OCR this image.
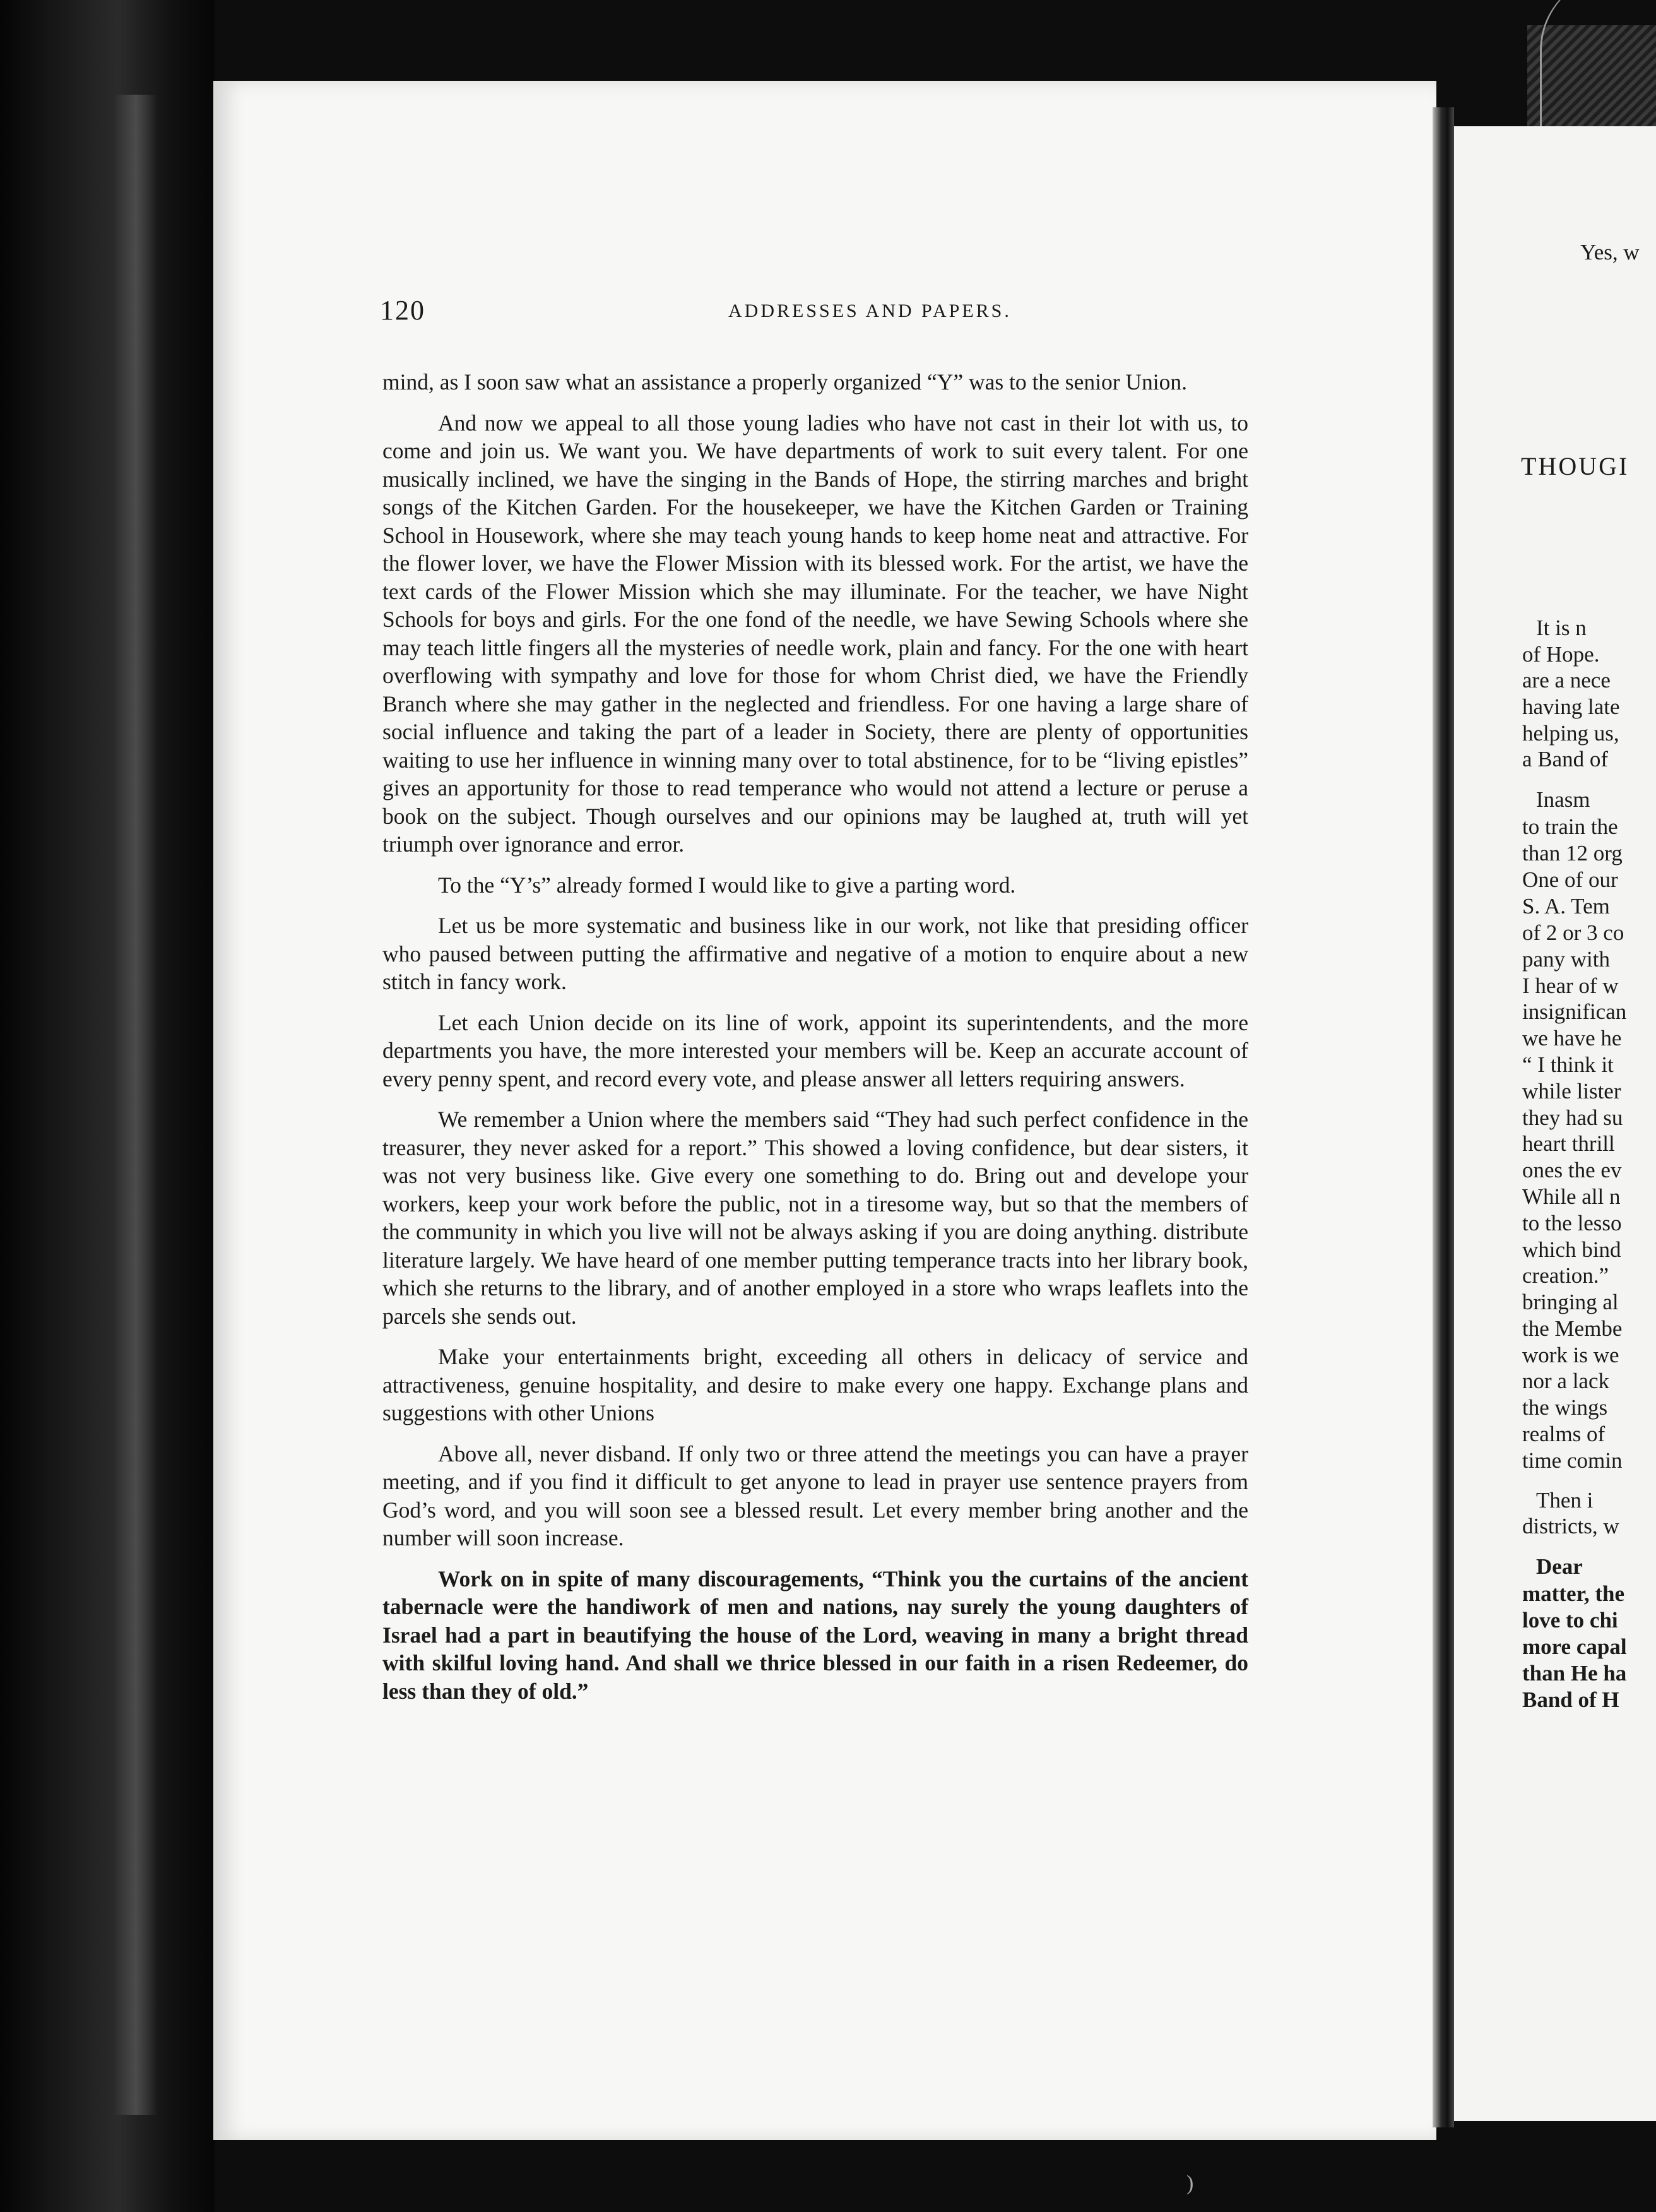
120	ADDRESSES AND PAPERS.

mind, as I soon saw what an assistance a properly organized “Y” was to the senior Union.

And now we appeal to all those young ladies who have not cast in their lot with us, to come and join us. We want you. We have departments of work to suit every talent. For one musically inclined, we have the singing in the Bands of Hope, the stirring marches and bright songs of the Kitchen Garden. For the housekeeper, we have the Kitchen Garden or Training School in Housework, where she may teach young hands to keep home neat and attractive. For the flower lover, we have the Flower Mission with its blessed work. For the artist, we have the text cards of the Flower Mission which she may illuminate. For the teacher, we have Night Schools for boys and girls. For the one fond of the needle, we have Sewing Schools where she may teach little fingers all the mysteries of needle work, plain and fancy. For the one with heart overflowing with sympathy and love for those for whom Christ died, we have the Friendly Branch where she may gather in the neglected and friendless. For one having a large share of social influence and taking the part of a leader in Society, there are plenty of opportunities waiting to use her influence in winning many over to total abstinence, for to be “living epistles” gives an apportunity for those to read temperance who would not attend a lecture or peruse a book on the subject. Though ourselves and our opinions may be laughed at, truth will yet triumph over ignorance and error.

To the “Y’s” already formed I would like to give a parting word.

Let us be more systematic and business like in our work, not like that presiding officer who paused between putting the affirmative and negative of a motion to enquire about a new stitch in fancy work.

Let each Union decide on its line of work, appoint its superintendents, and the more departments you have, the more interested your members will be. Keep an accurate account of every penny spent, and record every vote, and please answer all letters requiring answers.

We remember a Union where the members said “They had such perfect confidence in the treasurer, they never asked for a report.” This showed a loving confidence, but dear sisters, it was not very business like. Give every one something to do. Bring out and develope your workers, keep your work before the public, not in a tiresome way, but so that the members of the community in which you live will not be always asking if you are doing anything. distribute literature largely. We have heard of one member putting temperance tracts into her library book, which she returns to the library, and of another employed in a store who wraps leaflets into the parcels she sends out.

Make your entertainments bright, exceeding all others in delicacy of service and attractiveness, genuine hospitality, and desire to make every one happy. Exchange plans and suggestions with other Unions

Above all, never disband. If only two or three attend the meetings you can have a prayer meeting, and if you find it difficult to get anyone to lead in prayer use sentence prayers from God’s word, and you will soon see a blessed result. Let every member bring another and the number will soon increase.

Work on in spite of many discouragements, “Think you the curtains of the ancient tabernacle were the handiwork of men and nations, nay surely the young daughters of Israel had a part in beautifying the house of the Lord, weaving in many a bright thread with skilful loving hand. And shall we thrice blessed in our faith in a risen Redeemer, do less than they of old.”

Yes, w
THOUGI
It is n
of Hope.
are a nece
having late
helping us,
a Band of
Inasm
to train the
than 12 org
One of our
S. A. Tem
of 2 or 3 co
pany with
I hear of w
insignifican
we have he
“ I think it
while lister
they had su
heart thrill
ones the ev
While all n
to the lesso
which bind
creation.”
bringing al
the Membe
work is we
nor a lack
the wings
realms of
time comin
Then i
districts, w
Dear
matter, the
love to chi
more capal
than He ha
Band of H
)
